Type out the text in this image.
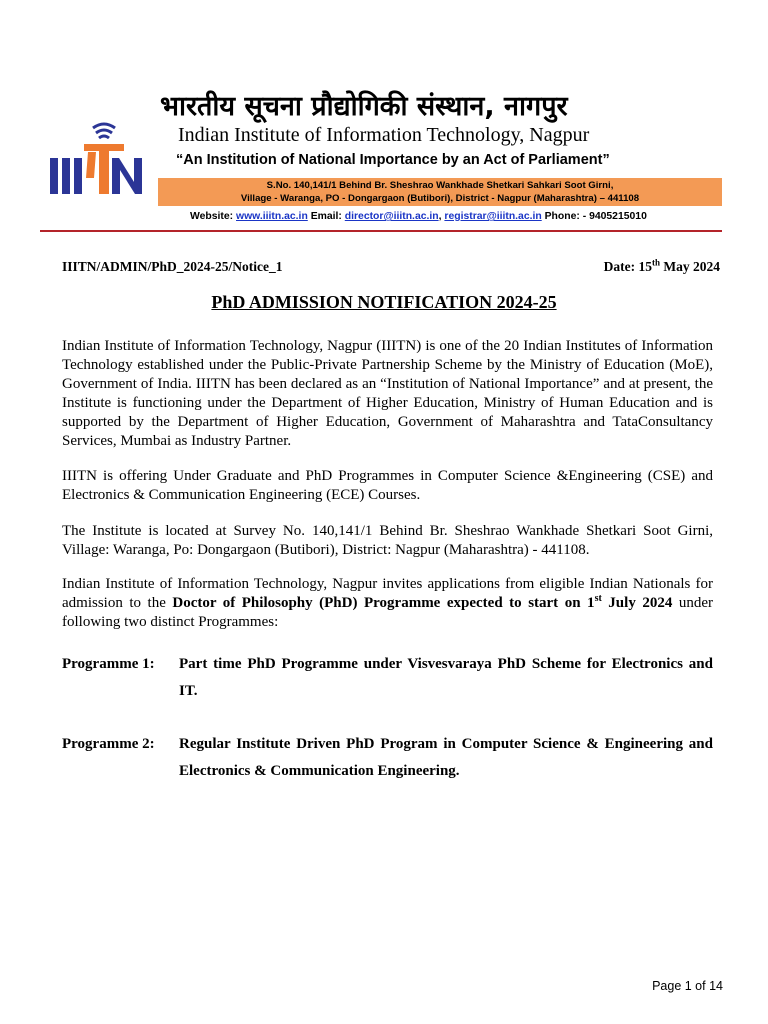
भारतीय सूचना प्रौद्योगिकी संस्थान, नागपुर
Indian Institute of Information Technology, Nagpur
“An Institution of National Importance by an Act of Parliament”
S.No. 140,141/1 Behind Br. Sheshrao Wankhade Shetkari Sahkari Soot Girni,
Village - Waranga, PO - Dongargaon (Butibori), District - Nagpur (Maharashtra) – 441108
Website: www.iiitn.ac.in Email: director@iiitn.ac.in, registrar@iiitn.ac.in Phone: - 9405215010
IIITN/ADMIN/PhD_2024-25/Notice_1	Date: 15th May 2024
PhD ADMISSION NOTIFICATION 2024-25
Indian Institute of Information Technology, Nagpur (IIITN) is one of the 20 Indian Institutes of Information Technology established under the Public-Private Partnership Scheme by the Ministry of Education (MoE), Government of India. IIITN has been declared as an “Institution of National Importance” and at present, the Institute is functioning under the Department of Higher Education, Ministry of Human Education and is supported by the Department of Higher Education, Government of Maharashtra and TataConsultancy Services, Mumbai as Industry Partner.
IIITN is offering Under Graduate and PhD Programmes in Computer Science &Engineering (CSE) and Electronics & Communication Engineering (ECE) Courses.
The Institute is located at Survey No. 140,141/1 Behind Br. Sheshrao Wankhade Shetkari Soot Girni, Village: Waranga, Po: Dongargaon (Butibori), District: Nagpur (Maharashtra) - 441108.
Indian Institute of Information Technology, Nagpur invites applications from eligible Indian Nationals for admission to the Doctor of Philosophy (PhD) Programme expected to start on 1st July 2024 under following two distinct Programmes:
Programme 1: Part time PhD Programme under Visvesvaraya PhD Scheme for Electronics and IT.
Programme 2: Regular Institute Driven PhD Program in Computer Science & Engineering and Electronics & Communication Engineering.
Page 1 of 14
